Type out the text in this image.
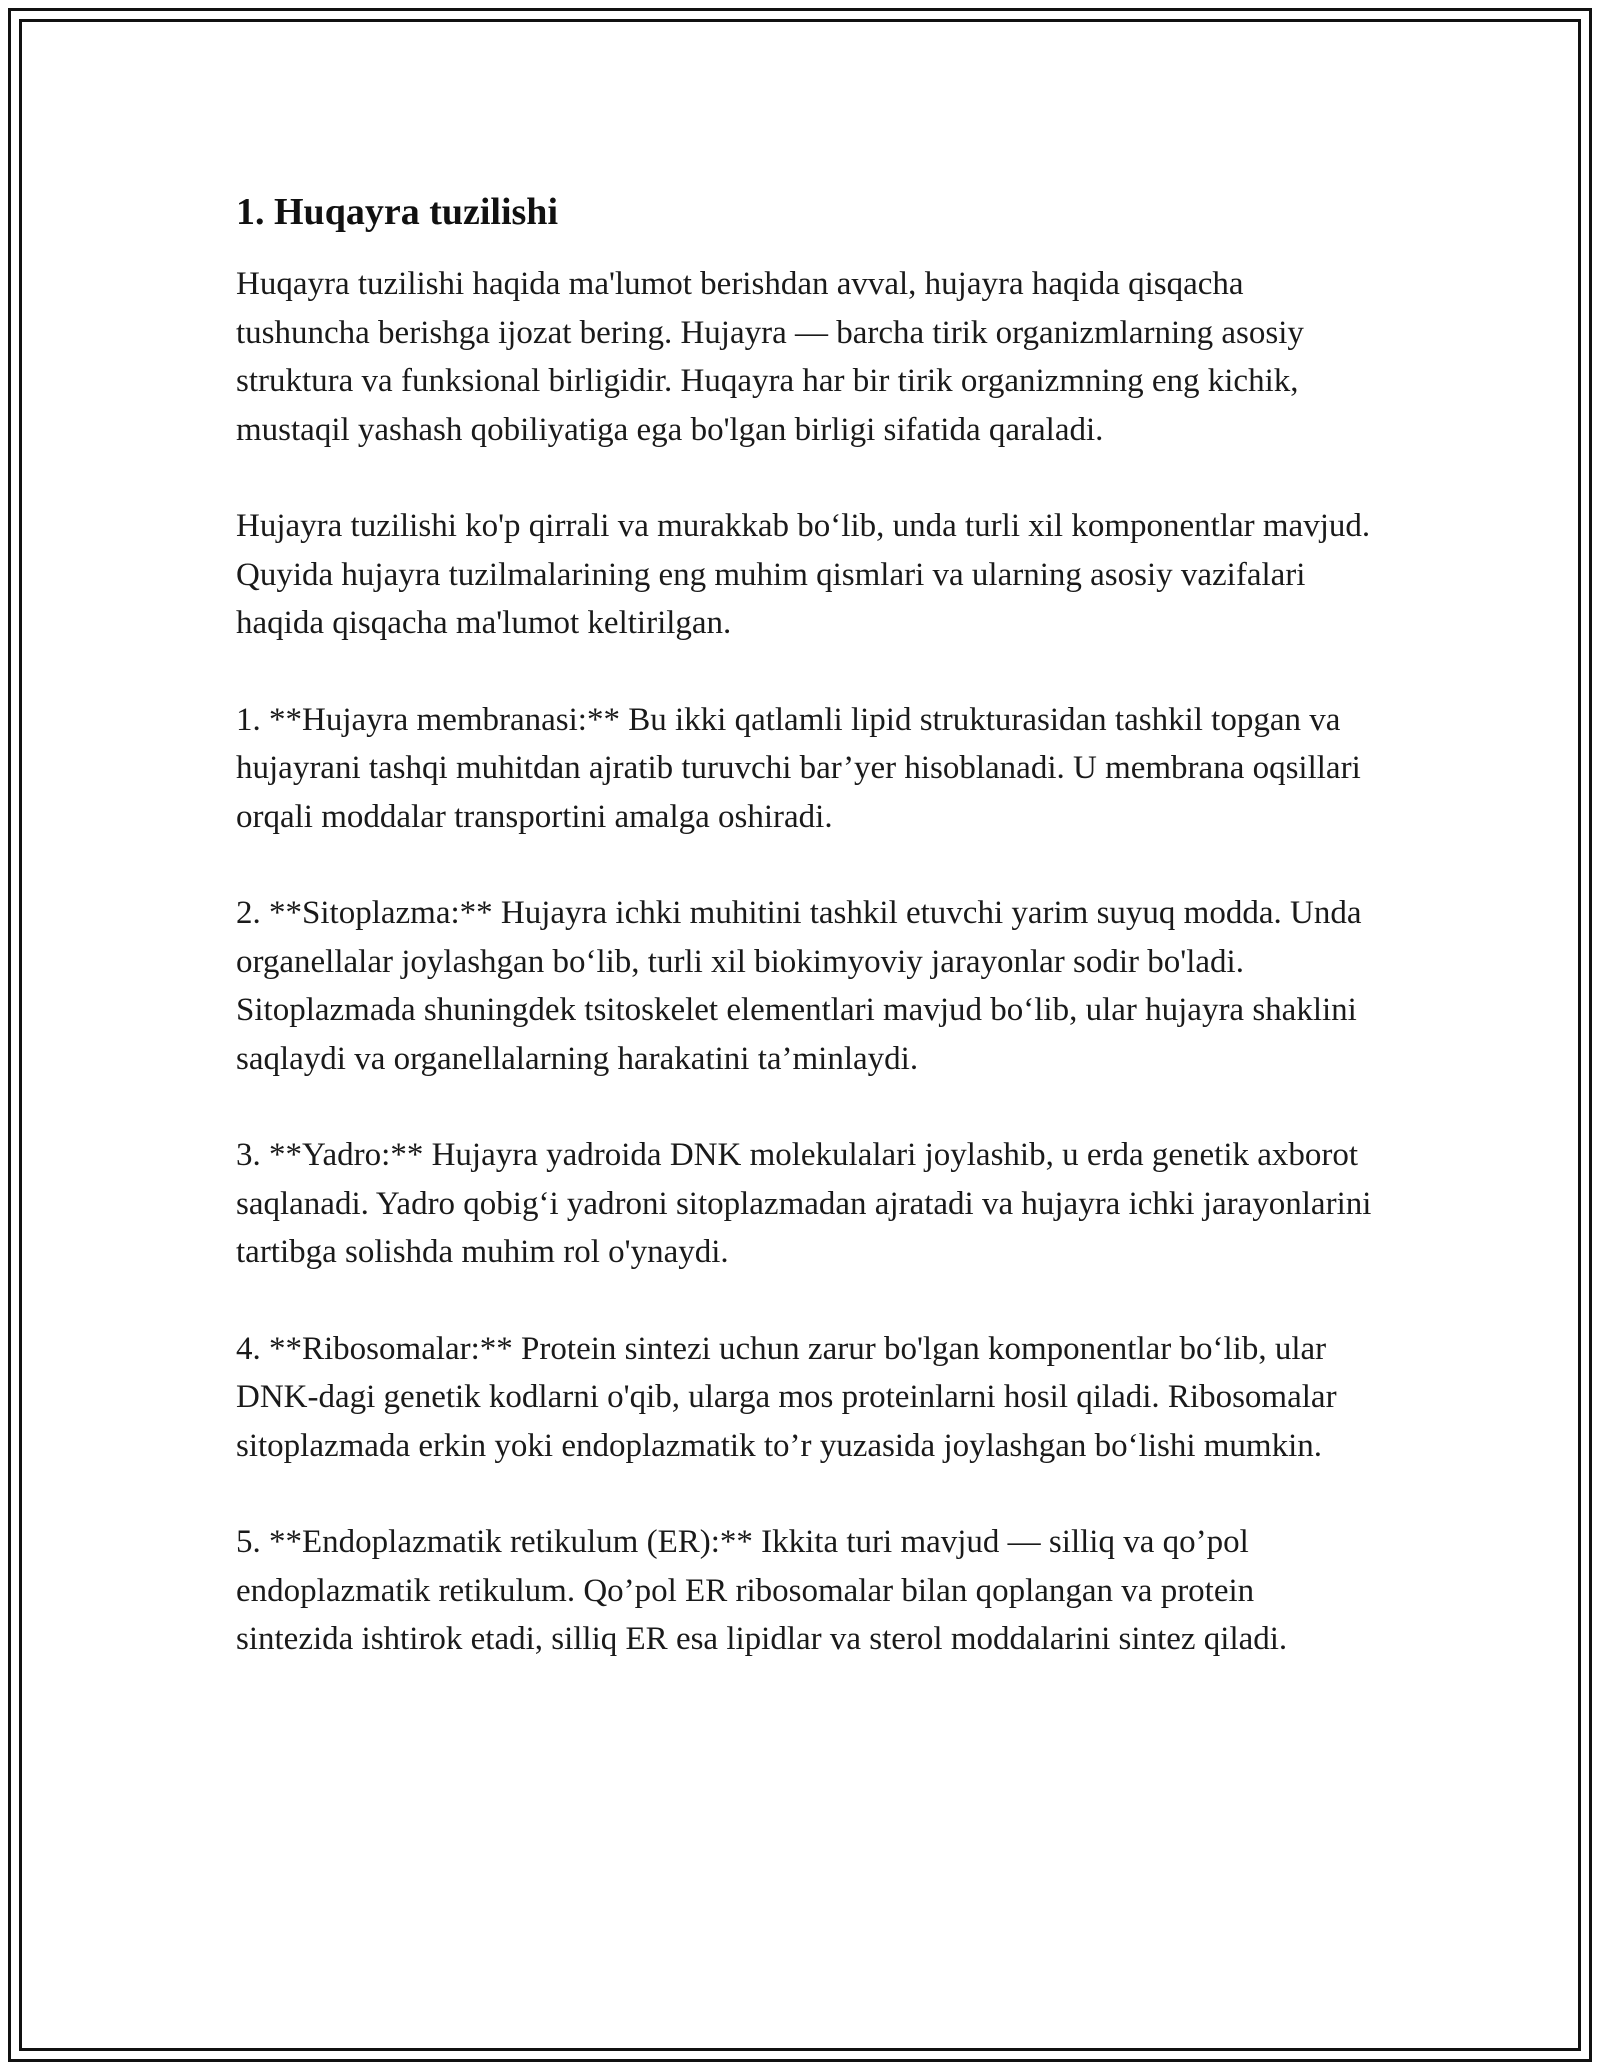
1. Huqayra tuzilishi

Huqayra tuzilishi haqida ma'lumot berishdan avval, hujayra haqida qisqacha tushuncha berishga ijozat bering. Hujayra — barcha tirik organizmlarning asosiy struktura va funksional birligidir. Huqayra har bir tirik organizmning eng kichik, mustaqil yashash qobiliyatiga ega bo'lgan birligi sifatida qaraladi.

Hujayra tuzilishi ko'p qirrali va murakkab bo‘lib, unda turli xil komponentlar mavjud. Quyida hujayra tuzilmalarining eng muhim qismlari va ularning asosiy vazifalari haqida qisqacha ma'lumot keltirilgan.

1. **Hujayra membranasi:** Bu ikki qatlamli lipid strukturasidan tashkil topgan va hujayrani tashqi muhitdan ajratib turuvchi bar’yer hisoblanadi. U membrana oqsillari orqali moddalar transportini amalga oshiradi.

2. **Sitoplazma:** Hujayra ichki muhitini tashkil etuvchi yarim suyuq modda. Unda organellalar joylashgan bo‘lib, turli xil biokimyoviy jarayonlar sodir bo'ladi. Sitoplazmada shuningdek tsitoskelet elementlari mavjud bo‘lib, ular hujayra shaklini saqlaydi va organellalarning harakatini ta’minlaydi.

3. **Yadro:** Hujayra yadroida DNK molekulalari joylashib, u erda genetik axborot saqlanadi. Yadro qobig‘i yadroni sitoplazmadan ajratadi va hujayra ichki jarayonlarini tartibga solishda muhim rol o'ynaydi.

4. **Ribosomalar:** Protein sintezi uchun zarur bo'lgan komponentlar bo‘lib, ular DNK-dagi genetik kodlarni o'qib, ularga mos proteinlarni hosil qiladi. Ribosomalar sitoplazmada erkin yoki endoplazmatik to’r yuzasida joylashgan bo‘lishi mumkin.

5. **Endoplazmatik retikulum (ER):** Ikkita turi mavjud — silliq va qo’pol endoplazmatik retikulum. Qo’pol ER ribosomalar bilan qoplangan va protein sintezida ishtirok etadi, silliq ER esa lipidlar va sterol moddalarini sintez qiladi.
